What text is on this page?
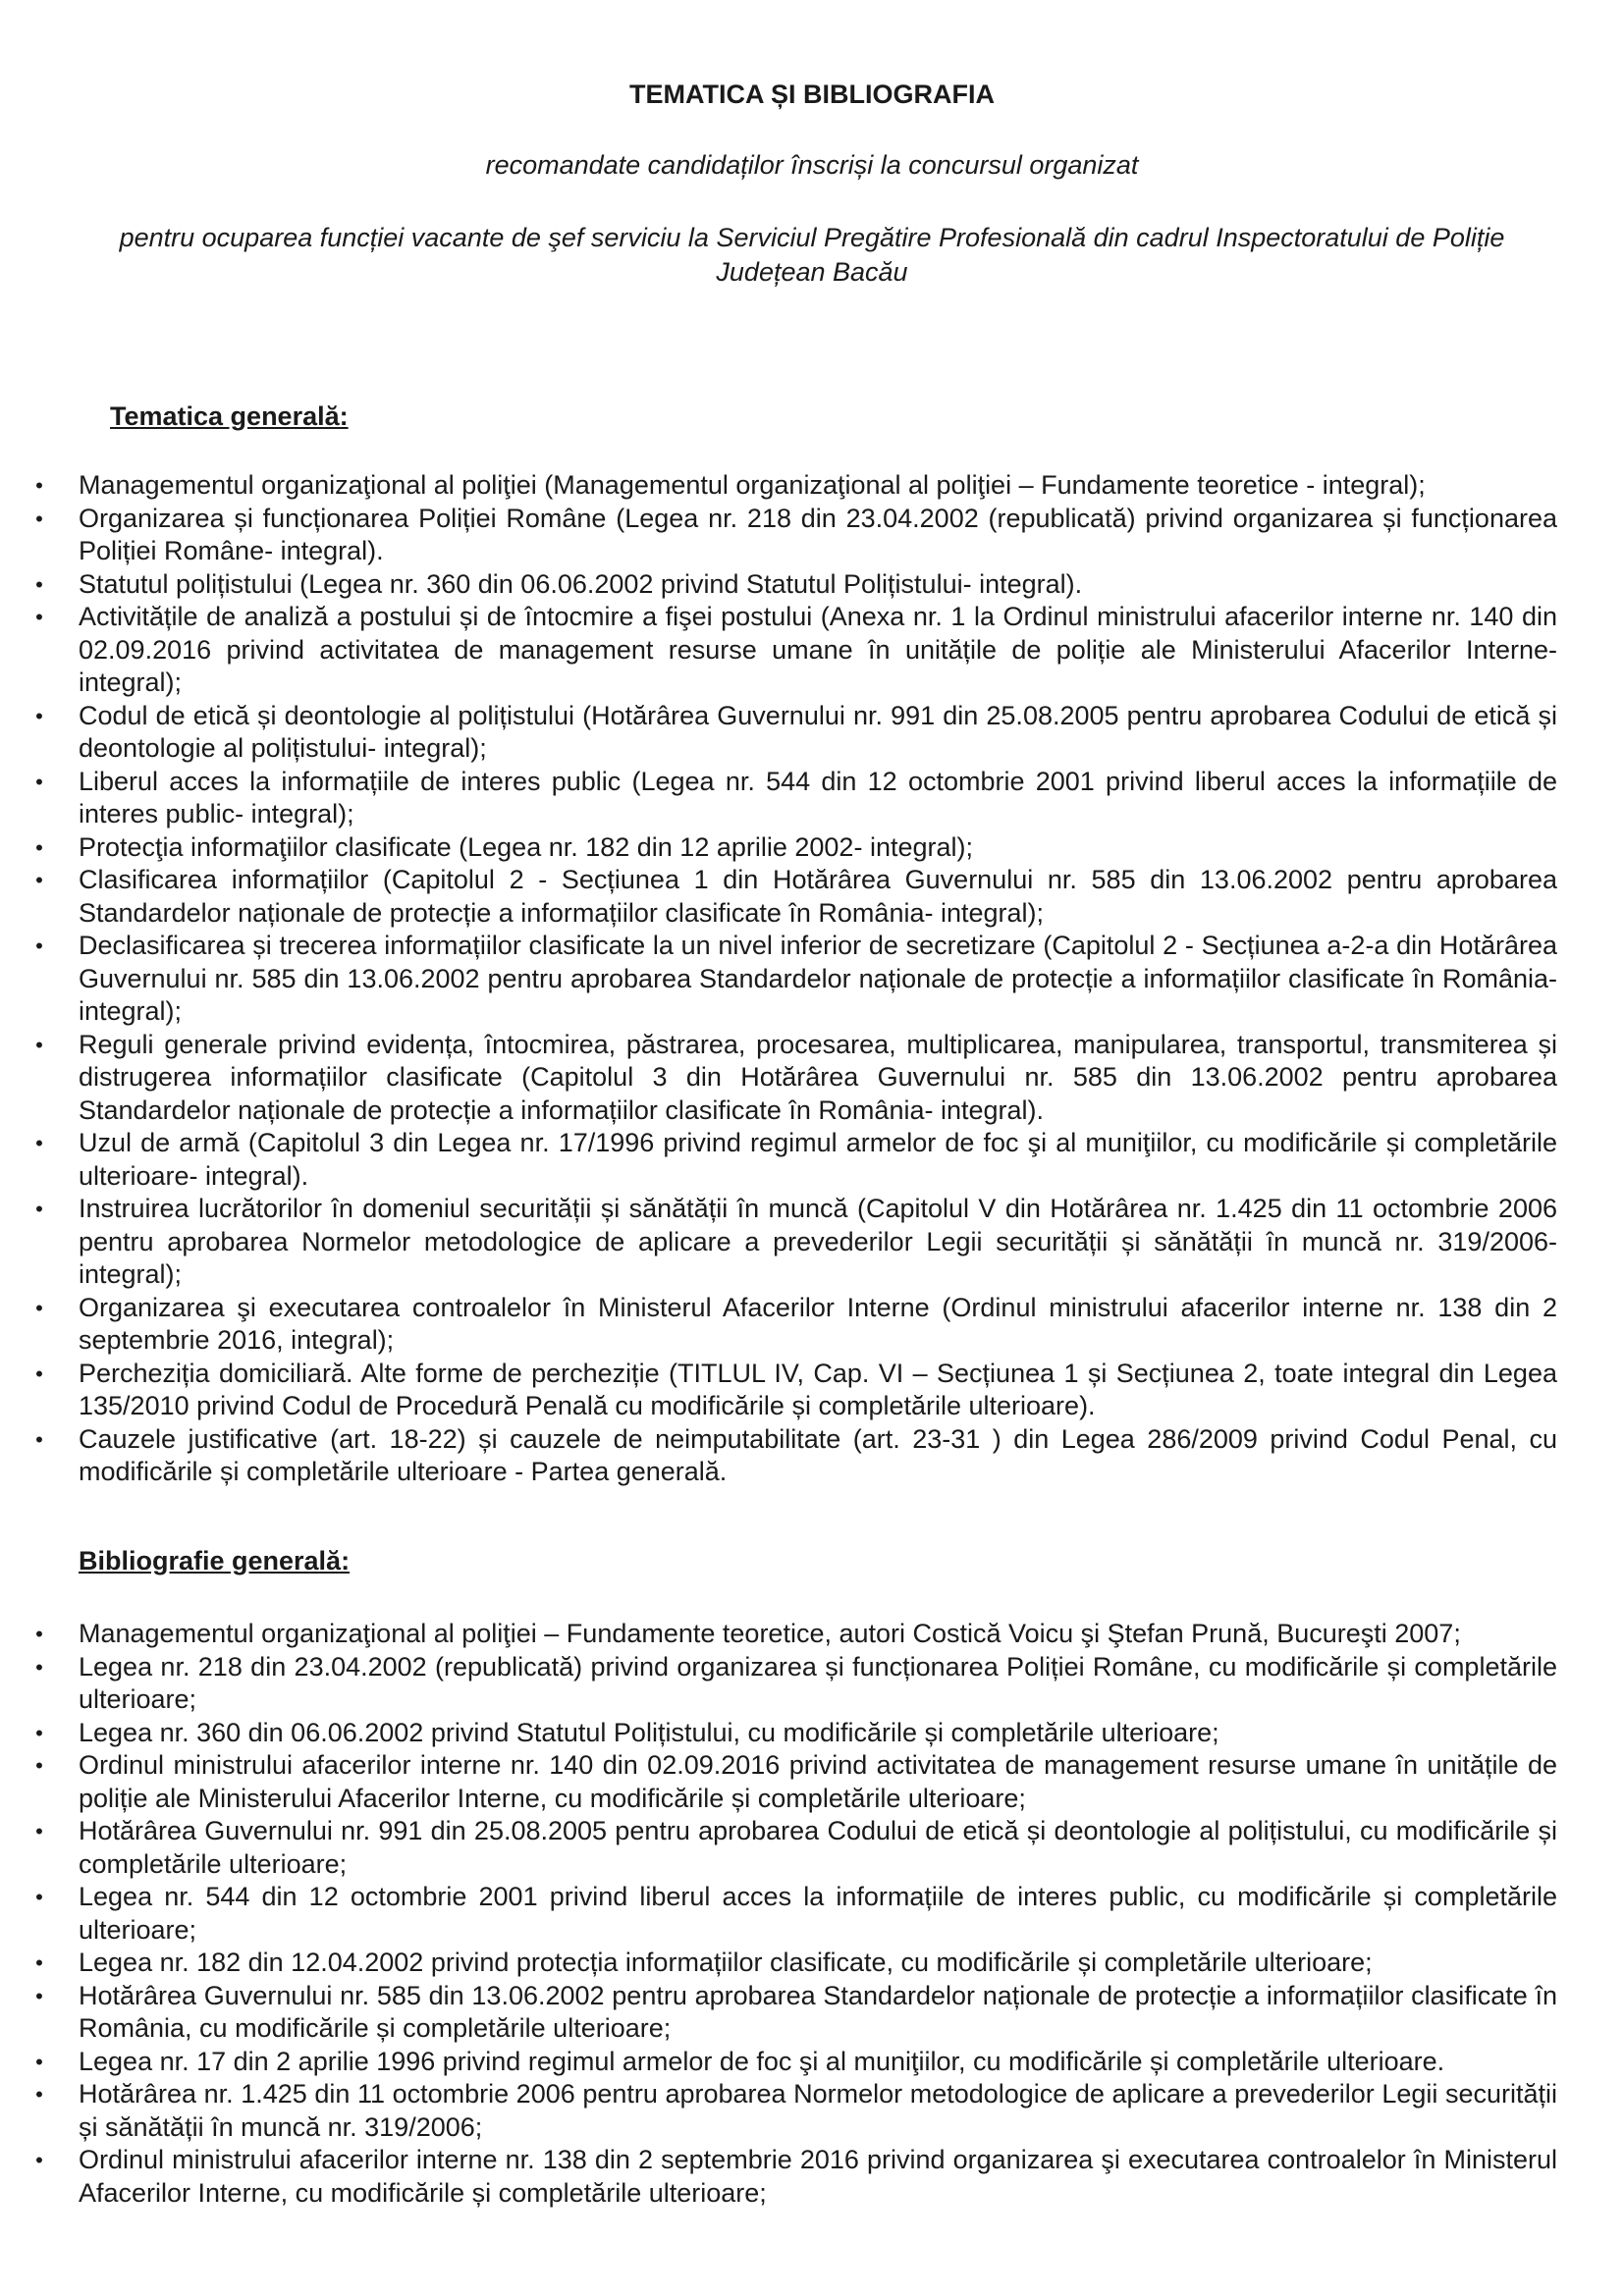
TEMATICA ȘI BIBLIOGRAFIA
recomandate candidaților înscriși la concursul organizat
pentru ocuparea funcției vacante de şef serviciu la Serviciul Pregătire Profesională din cadrul Inspectoratului de Poliție Județean Bacău
Tematica generală:
• Managementul organizaţional al poliţiei (Managementul organizaţional al poliţiei – Fundamente teoretice - integral);
• Organizarea și funcționarea Poliției Române (Legea nr. 218 din 23.04.2002 (republicată) privind organizarea și funcționarea Poliției Române- integral).
• Statutul polițistului (Legea nr. 360 din 06.06.2002 privind Statutul Polițistului- integral).
• Activitățile de analiză a postului și de întocmire a fişei postului (Anexa nr. 1 la Ordinul ministrului afacerilor interne nr. 140 din 02.09.2016 privind activitatea de management resurse umane în unitățile de poliție ale Ministerului Afacerilor Interne- integral);
• Codul de etică și deontologie al polițistului (Hotărârea Guvernului nr. 991 din 25.08.2005 pentru aprobarea Codului de etică și deontologie al polițistului- integral);
• Liberul acces la informațiile de interes public (Legea nr. 544 din 12 octombrie 2001 privind liberul acces la informațiile de interes public- integral);
• Protecţia informaţiilor clasificate (Legea nr. 182 din 12 aprilie 2002- integral);
• Clasificarea informațiilor (Capitolul 2 - Secțiunea 1 din Hotărârea Guvernului nr. 585 din 13.06.2002 pentru aprobarea Standardelor naționale de protecție a informațiilor clasificate în România- integral);
• Declasificarea și trecerea informațiilor clasificate la un nivel inferior de secretizare (Capitolul 2 - Secțiunea a-2-a din Hotărârea Guvernului nr. 585 din 13.06.2002 pentru aprobarea Standardelor naționale de protecție a informațiilor clasificate în România- integral);
• Reguli generale privind evidența, întocmirea, păstrarea, procesarea, multiplicarea, manipularea, transportul, transmiterea și distrugerea informațiilor clasificate (Capitolul 3 din Hotărârea Guvernului nr. 585 din 13.06.2002 pentru aprobarea Standardelor naționale de protecție a informațiilor clasificate în România- integral).
• Uzul de armă (Capitolul 3 din Legea nr. 17/1996 privind regimul armelor de foc şi al muniţiilor, cu modificările și completările ulterioare- integral).
• Instruirea lucrătorilor în domeniul securității și sănătății în muncă (Capitolul V din Hotărârea nr. 1.425 din 11 octombrie 2006 pentru aprobarea Normelor metodologice de aplicare a prevederilor Legii securității și sănătății în muncă nr. 319/2006- integral);
• Organizarea şi executarea controalelor în Ministerul Afacerilor Interne (Ordinul ministrului afacerilor interne nr. 138 din 2 septembrie 2016, integral);
• Percheziția domiciliară. Alte forme de percheziție (TITLUL IV, Cap. VI – Secțiunea 1 și Secțiunea 2, toate integral din Legea 135/2010 privind Codul de Procedură Penală cu modificările și completările ulterioare).
• Cauzele justificative (art. 18-22) și cauzele de neimputabilitate (art. 23-31 ) din Legea 286/2009 privind Codul Penal, cu modificările și completările ulterioare - Partea generală.
Bibliografie generală:
• Managementul organizaţional al poliţiei – Fundamente teoretice, autori Costică Voicu şi Ştefan Prună, Bucureşti 2007;
• Legea nr. 218 din 23.04.2002 (republicată) privind organizarea și funcționarea Poliției Române, cu modificările și completările ulterioare;
• Legea nr. 360 din 06.06.2002 privind Statutul Polițistului, cu modificările și completările ulterioare;
• Ordinul ministrului afacerilor interne nr. 140 din 02.09.2016 privind activitatea de management resurse umane în unitățile de poliție ale Ministerului Afacerilor Interne, cu modificările și completările ulterioare;
• Hotărârea Guvernului nr. 991 din 25.08.2005 pentru aprobarea Codului de etică și deontologie al polițistului, cu modificările și completările ulterioare;
• Legea nr. 544 din 12 octombrie 2001 privind liberul acces la informațiile de interes public, cu modificările și completările ulterioare;
• Legea nr. 182 din 12.04.2002 privind protecția informațiilor clasificate, cu modificările și completările ulterioare;
• Hotărârea Guvernului nr. 585 din 13.06.2002 pentru aprobarea Standardelor naționale de protecție a informațiilor clasificate în România, cu modificările și completările ulterioare;
• Legea nr. 17 din 2 aprilie 1996 privind regimul armelor de foc şi al muniţiilor, cu modificările și completările ulterioare.
• Hotărârea nr. 1.425 din 11 octombrie 2006 pentru aprobarea Normelor metodologice de aplicare a prevederilor Legii securității și sănătății în muncă nr. 319/2006;
• Ordinul ministrului afacerilor interne nr. 138 din 2 septembrie 2016 privind organizarea şi executarea controalelor în Ministerul Afacerilor Interne, cu modificările și completările ulterioare;
